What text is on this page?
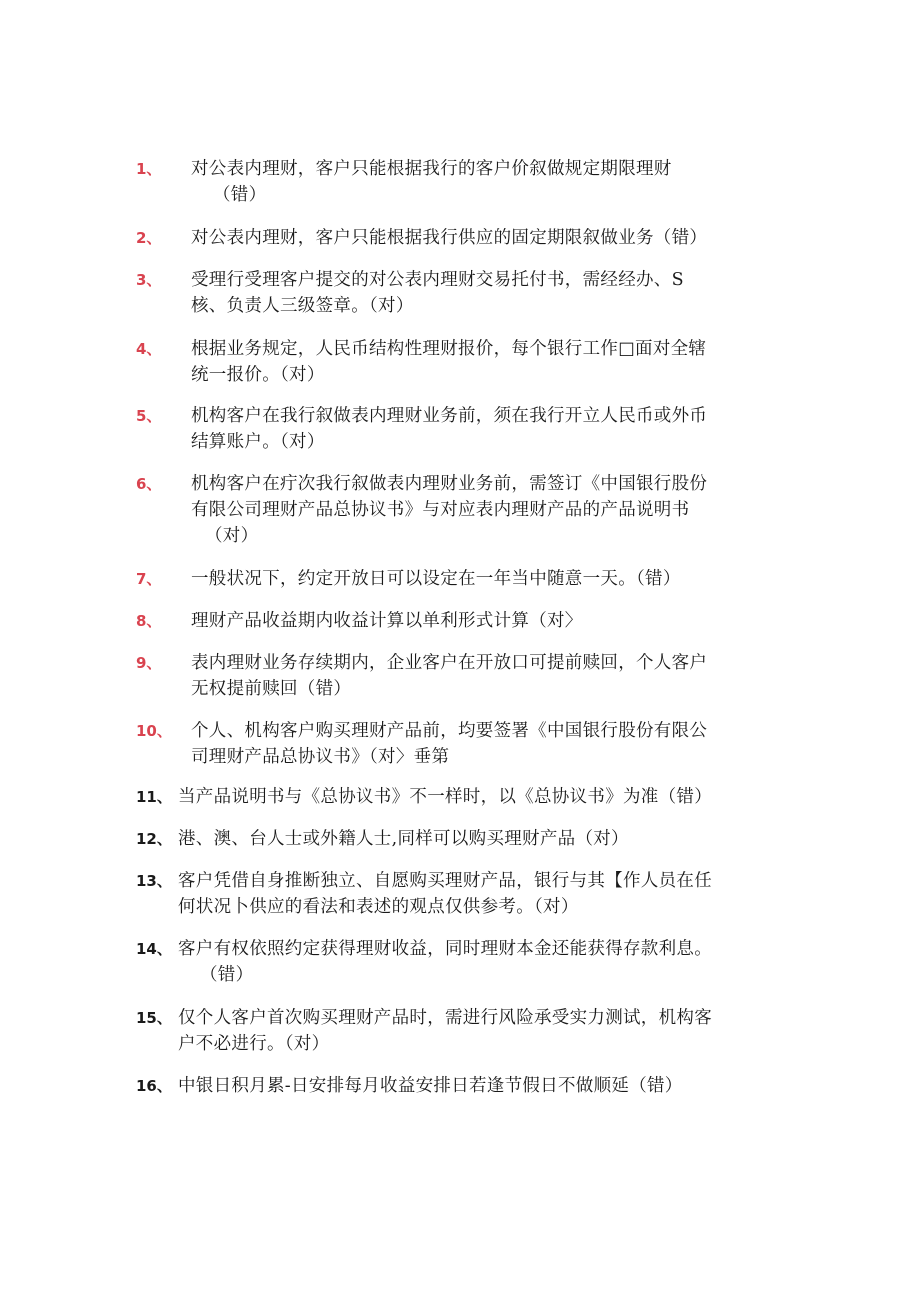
1、 对公表内理财，客户只能根据我行的客户价叙做规定期限理财
（错）
2、 对公表内理财，客户只能根据我行供应的固定期限叙做业务（错）
3、 受理行受理客户提交的对公表内理财交易托付书，需经经办、S
核、负责人三级签章。（对）
4、 根据业务规定，人民币结构性理财报价，每个银行工作□面对全辖
统一报价。（对）
5、 机构客户在我行叙做表内理财业务前，须在我行开立人民币或外币
结算账户。（对）
6、 机构客户在疔次我行叙做表内理财业务前，需签订《中国银行股份
有限公司理财产品总协议书》与对应表内理财产品的产品说明书
（对）
7、 一般状况下，约定开放日可以设定在一年当中随意一天。（错）
8、 理财产品收益期内收益计算以单利形式计算（对〉
9、 表内理财业务存续期内，企业客户在开放口可提前赎回，个人客户
无权提前赎回（错）
10、 个人、机构客户购买理财产品前，均要签署《中国银行股份有限公
司理财产品总协议书》（对〉垂第
11、 当产品说明书与《总协议书》不一样时，以《总协议书》为准（错）
12、 港、澳、台人士或外籍人士,同样可以购买理财产品（对）
13、 客户凭借自身推断独立、自愿购买理财产品，银行与其【作人员在任
何状况卜供应的看法和表述的观点仅供参考。（对）
14、 客户有权依照约定获得理财收益，同时理财本金还能获得存款利息。
（错）
15、 仅个人客户首次购买理财产品时，需进行风险承受实力测试，机构客
户不必进行。（对）
16、 中银日积月累-日安排每月收益安排日若逢节假日不做顺延（错）
